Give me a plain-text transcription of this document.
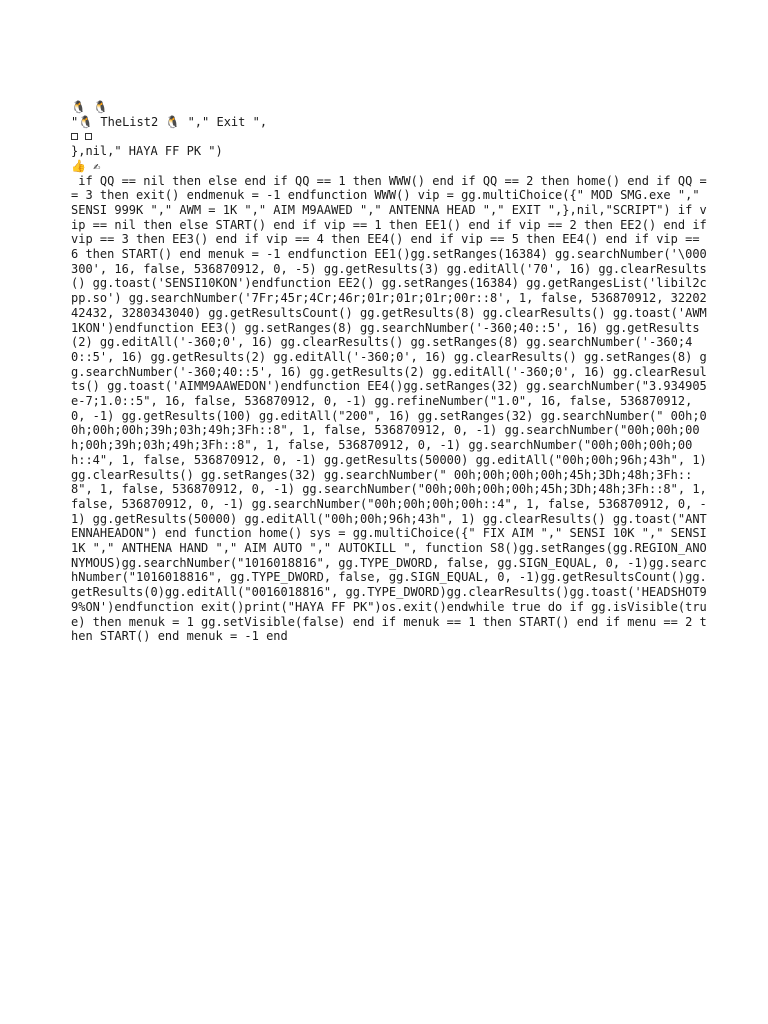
🐧 🐧
"🐧 TheList2 🐧 "," Exit ",
},nil," HAYA FF PK ")
👍 ✍
if QQ == nil then else end if QQ == 1 then WWW() end if QQ == 2 then home() end if QQ == 3 then exit() endmenuk = -1 endfunction WWW() vip = gg.multiChoice({" MOD SMG.exe "," SENSI 999K "," AWM = 1K "," AIM M9AAWED "," ANTENNA HEAD "," EXIT ",},nil,"SCRIPT") if vip == nil then else START() end if vip == 1 then EE1() end if vip == 2 then EE2() end if vip == 3 then EE3() end if vip == 4 then EE4() end if vip == 5 then EE4() end if vip == 6 then START() end menuk = -1 endfunction EE1()gg.setRanges(16384) gg.searchNumber('\000300', 16, false, 536870912, 0, -5) gg.getResults(3) gg.editAll('70', 16) gg.clearResults() gg.toast('SENSI10KON')endfunction EE2() gg.setRanges(16384) gg.getRangesList('libil2cpp.so') gg.searchNumber('7Fr;45r;4Cr;46r;01r;01r;01r;00r::8', 1, false, 536870912, 3220242432, 3280343040) gg.getResultsCount() gg.getResults(8) gg.clearResults() gg.toast('AWM1KON')endfunction EE3() gg.setRanges(8) gg.searchNumber('-360;40::5', 16) gg.getResults(2) gg.editAll('-360;0', 16) gg.clearResults() gg.setRanges(8) gg.searchNumber('-360;40::5', 16) gg.getResults(2) gg.editAll('-360;0', 16) gg.clearResults() gg.setRanges(8) gg.searchNumber('-360;40::5', 16) gg.getResults(2) gg.editAll('-360;0', 16) gg.clearResults() gg.toast('AIMM9AAWEDON')endfunction EE4()gg.setRanges(32) gg.searchNumber("3.934905e-7;1.0::5", 16, false, 536870912, 0, -1) gg.refineNumber("1.0", 16, false, 536870912, 0, -1) gg.getResults(100) gg.editAll("200", 16) gg.setRanges(32) gg.searchNumber(" 00h;00h;00h;00h;39h;03h;49h;3Fh::8", 1, false, 536870912, 0, -1) gg.searchNumber("00h;00h;00h;00h;39h;03h;49h;3Fh::8", 1, false, 536870912, 0, -1) gg.searchNumber("00h;00h;00h;00h::4", 1, false, 536870912, 0, -1) gg.getResults(50000) gg.editAll("00h;00h;96h;43h", 1) gg.clearResults() gg.setRanges(32) gg.searchNumber(" 00h;00h;00h;00h;45h;3Dh;48h;3Fh::8", 1, false, 536870912, 0, -1) gg.searchNumber("00h;00h;00h;00h;45h;3Dh;48h;3Fh::8", 1, false, 536870912, 0, -1) gg.searchNumber("00h;00h;00h;00h::4", 1, false, 536870912, 0, -1) gg.getResults(50000) gg.editAll("00h;00h;96h;43h", 1) gg.clearResults() gg.toast("ANTENNAHEADON") end function home() sys = gg.multiChoice({" FIX AIM "," SENSI 10K "," SENSI 1K "," ANTHENA HAND "," AIM AUTO "," AUTOKILL ", function S8()gg.setRanges(gg.REGION_ANONYMOUS)gg.searchNumber("1016018816", gg.TYPE_DWORD, false, gg.SIGN_EQUAL, 0, -1)gg.searchNumber("1016018816", gg.TYPE_DWORD, false, gg.SIGN_EQUAL, 0, -1)gg.getResultsCount()gg.getResults(0)gg.editAll("0016018816", gg.TYPE_DWORD)gg.clearResults()gg.toast('HEADSHOT99%ON')endfunction exit()print("HAYA FF PK")os.exit()endwhile true do if gg.isVisible(true) then menuk = 1 gg.setVisible(false) end if menuk == 1 then START() end if menu == 2 then START() end menuk = -1 end
